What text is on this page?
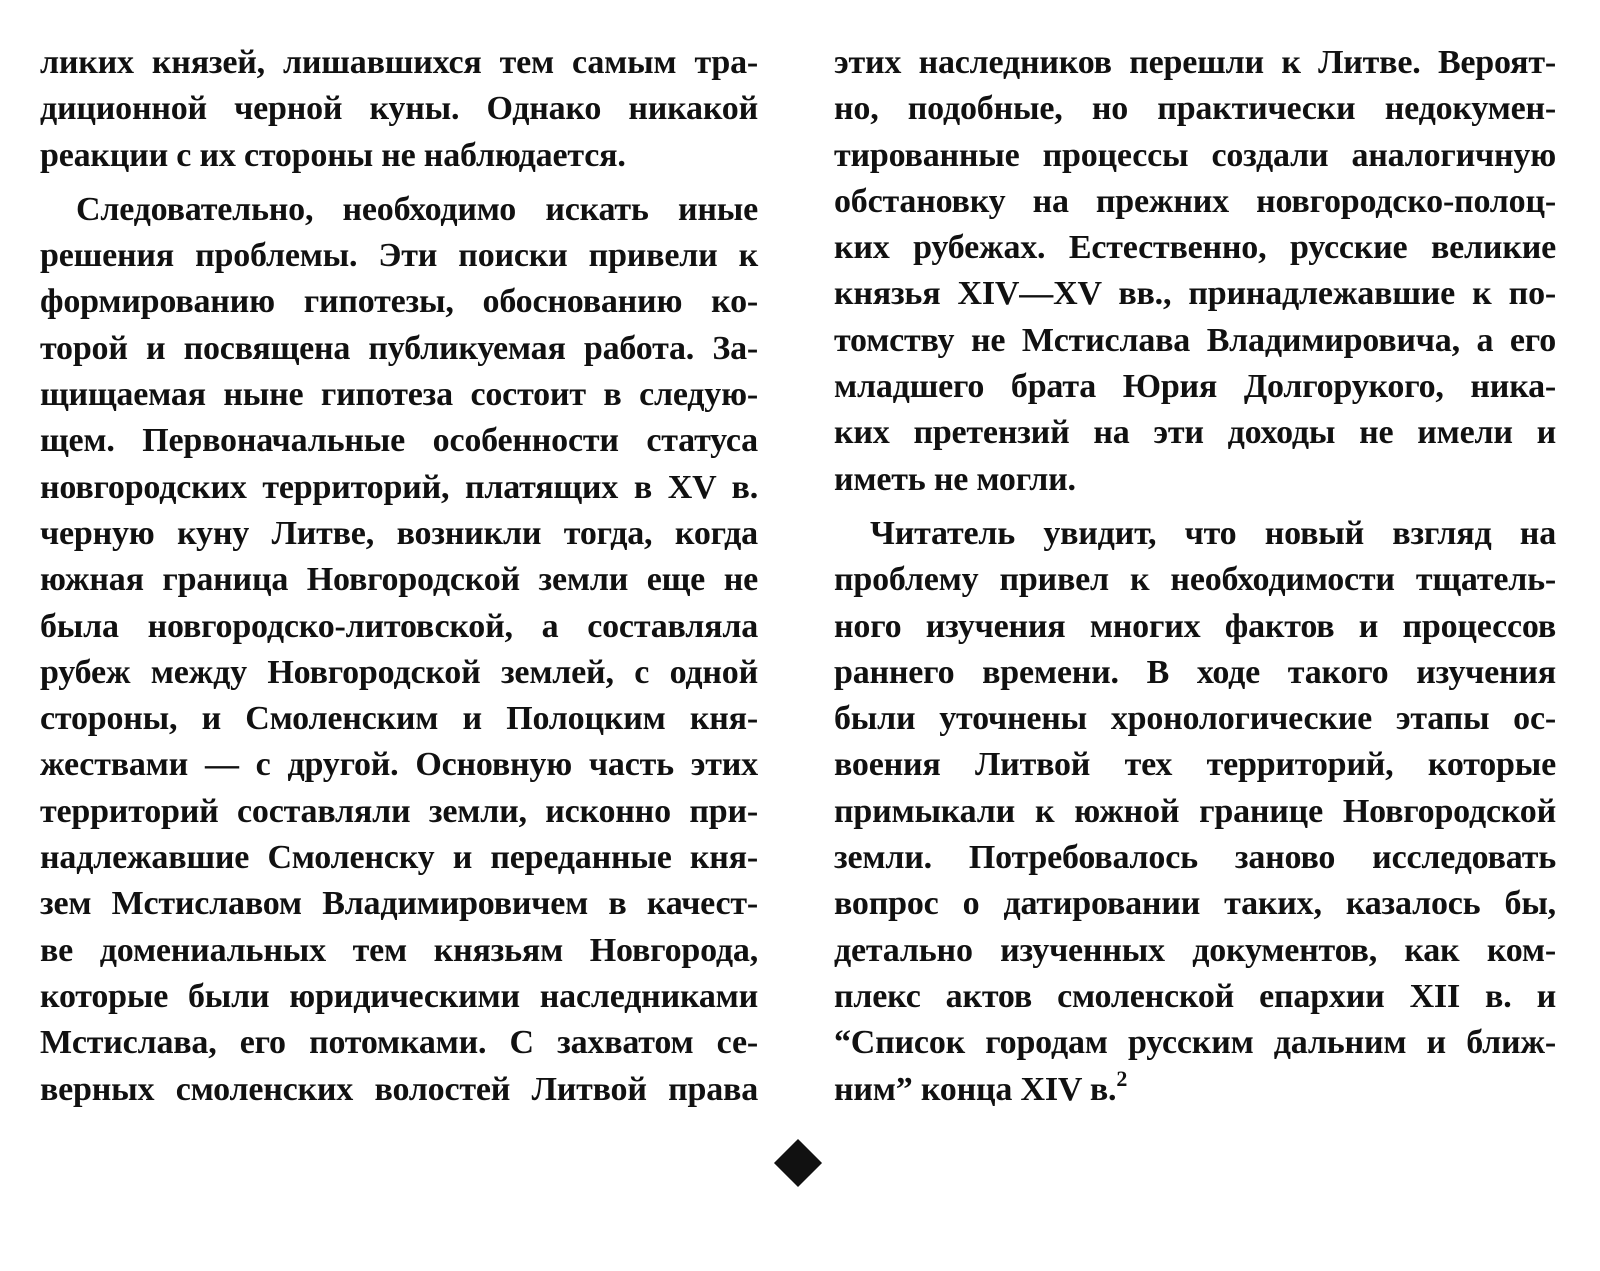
ликих князей, лишавшихся тем самым тра-
диционной черной куны. Однако никакой
реакции с их стороны не наблюдается.

Следовательно, необходимо искать иные
решения проблемы. Эти поиски привели к
формированию гипотезы, обоснованию ко-
торой и посвящена публикуемая работа. За-
щищаемая ныне гипотеза состоит в следую-
щем. Первоначальные особенности статуса
новгородских территорий, платящих в XV в.
черную куну Литве, возникли тогда, когда
южная граница Новгородской земли еще не
была новгородско-литовской, а составляла
рубеж между Новгородской землей, с одной
стороны, и Смоленским и Полоцким кня-
жествами — с другой. Основную часть этих
территорий составляли земли, исконно при-
надлежавшие Смоленску и переданные кня-
зем Мстиславом Владимировичем в качест-
ве домениальных тем князьям Новгорода,
которые были юридическими наследниками
Мстислава, его потомками. С захватом се-
верных смоленских волостей Литвой права

этих наследников перешли к Литве. Вероят-
но, подобные, но практически недокумен-
тированные процессы создали аналогичную
обстановку на прежних новгородско-полоц-
ких рубежах. Естественно, русские великие
князья XIV—XV вв., принадлежавшие к по-
томству не Мстислава Владимировича, а его
младшего брата Юрия Долгорукого, ника-
ких претензий на эти доходы не имели и
иметь не могли.

Читатель увидит, что новый взгляд на
проблему привел к необходимости тщатель-
ного изучения многих фактов и процессов
раннего времени. В ходе такого изучения
были уточнены хронологические этапы ос-
воения Литвой тех территорий, которые
примыкали к южной границе Новгородской
земли. Потребовалось заново исследовать
вопрос о датировании таких, казалось бы,
детально изученных документов, как ком-
плекс актов смоленской епархии XII в. и
“Список городам русским дальним и ближ-
ним” конца XIV в.$^2$
